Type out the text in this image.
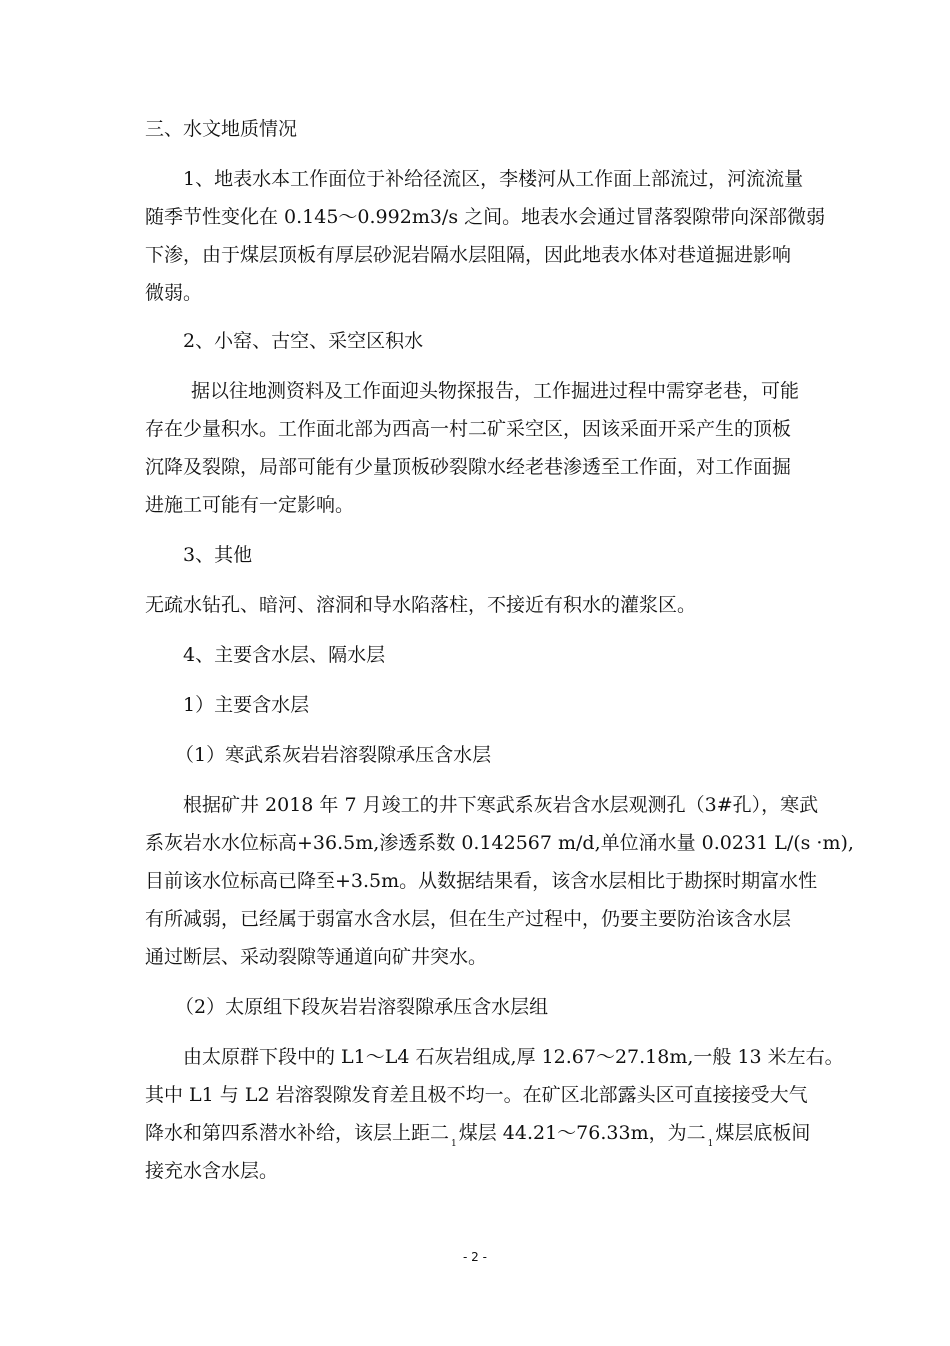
三、水文地质情况
1、地表水本工作面位于补给径流区，李楼河从工作面上部流过，河流流量
随季节性变化在 0.145～0.992m3/s 之间。地表水会通过冒落裂隙带向深部微弱
下渗，由于煤层顶板有厚层砂泥岩隔水层阻隔，因此地表水体对巷道掘进影响
微弱。
2、小窑、古空、采空区积水
据以往地测资料及工作面迎头物探报告，工作掘进过程中需穿老巷，可能
存在少量积水。工作面北部为西高一村二矿采空区，因该采面开采产生的顶板
沉降及裂隙，局部可能有少量顶板砂裂隙水经老巷渗透至工作面，对工作面掘
进施工可能有一定影响。
3、其他
无疏水钻孔、暗河、溶洞和导水陷落柱，不接近有积水的灌浆区。
4、主要含水层、隔水层
1）主要含水层
（1）寒武系灰岩岩溶裂隙承压含水层
根据矿井 2018 年 7 月竣工的井下寒武系灰岩含水层观测孔（3#孔），寒武
系灰岩水水位标高+36.5m,渗透系数 0.142567 m/d,单位涌水量 0.0231 L/(s ·m),
目前该水位标高已降至+3.5m。从数据结果看，该含水层相比于勘探时期富水性
有所减弱，已经属于弱富水含水层，但在生产过程中，仍要主要防治该含水层
通过断层、采动裂隙等通道向矿井突水。
（2）太原组下段灰岩岩溶裂隙承压含水层组
由太原群下段中的 L1～L4 石灰岩组成,厚 12.67～27.18m,一般 13 米左右。
其中 L1 与 L2 岩溶裂隙发育差且极不均一。在矿区北部露头区可直接接受大气
降水和第四系潜水补给，该层上距二 $_1$ 煤层 44.21～76.33m，为二 $_1$ 煤层底板间
接充水含水层。
- 2 -
